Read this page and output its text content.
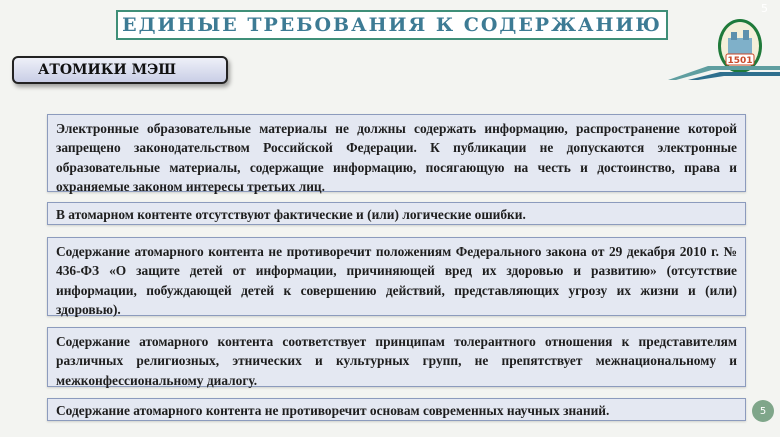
ЕДИНЫЕ ТРЕБОВАНИЯ К СОДЕРЖАНИЮ
АТОМИКИ МЭШ
5
1501
Электронные образовательные материалы не должны содержать информацию, распространение которой запрещено законодательством Российской Федерации. К публикации не допускаются электронные образовательные материалы, содержащие информацию, посягающую на честь и достоинство, права и охраняемые законом интересы третьих лиц.
В атомарном контенте отсутствуют фактические и (или) логические ошибки.
Содержание атомарного контента не противоречит положениям Федерального закона от 29 декабря 2010 г. № 436-ФЗ «О защите детей от информации, причиняющей вред их здоровью и развитию» (отсутствие информации, побуждающей детей к совершению действий, представляющих угрозу их жизни и (или) здоровью).
Содержание атомарного контента соответствует принципам толерантного отношения к представителям различных религиозных, этнических и культурных групп, не препятствует межнациональному и межконфессиональному диалогу.
Содержание атомарного контента не противоречит основам современных научных знаний.	5
